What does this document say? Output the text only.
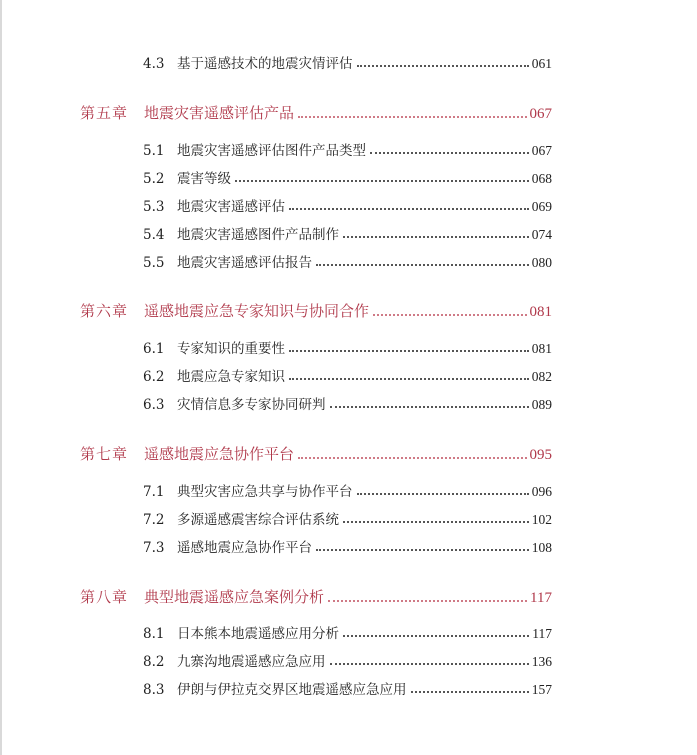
4.3 基于遥感技术的地震灾情评估	061
第五章	地震灾害遥感评估产品	067
5.1 地震灾害遥感评估图件产品类型	067
5.2 震害等级	068
5.3 地震灾害遥感评估	069
5.4 地震灾害遥感图件产品制作	074
5.5 地震灾害遥感评估报告	080
第六章	遥感地震应急专家知识与协同合作	081
6.1 专家知识的重要性	081
6.2 地震应急专家知识	082
6.3 灾情信息多专家协同研判	089
第七章	遥感地震应急协作平台	095
7.1 典型灾害应急共享与协作平台	096
7.2 多源遥感震害综合评估系统	102
7.3 遥感地震应急协作平台	108
第八章	典型地震遥感应急案例分析	117
8.1 日本熊本地震遥感应用分析	117
8.2 九寨沟地震遥感应急应用	136
8.3 伊朗与伊拉克交界区地震遥感应急应用	157
